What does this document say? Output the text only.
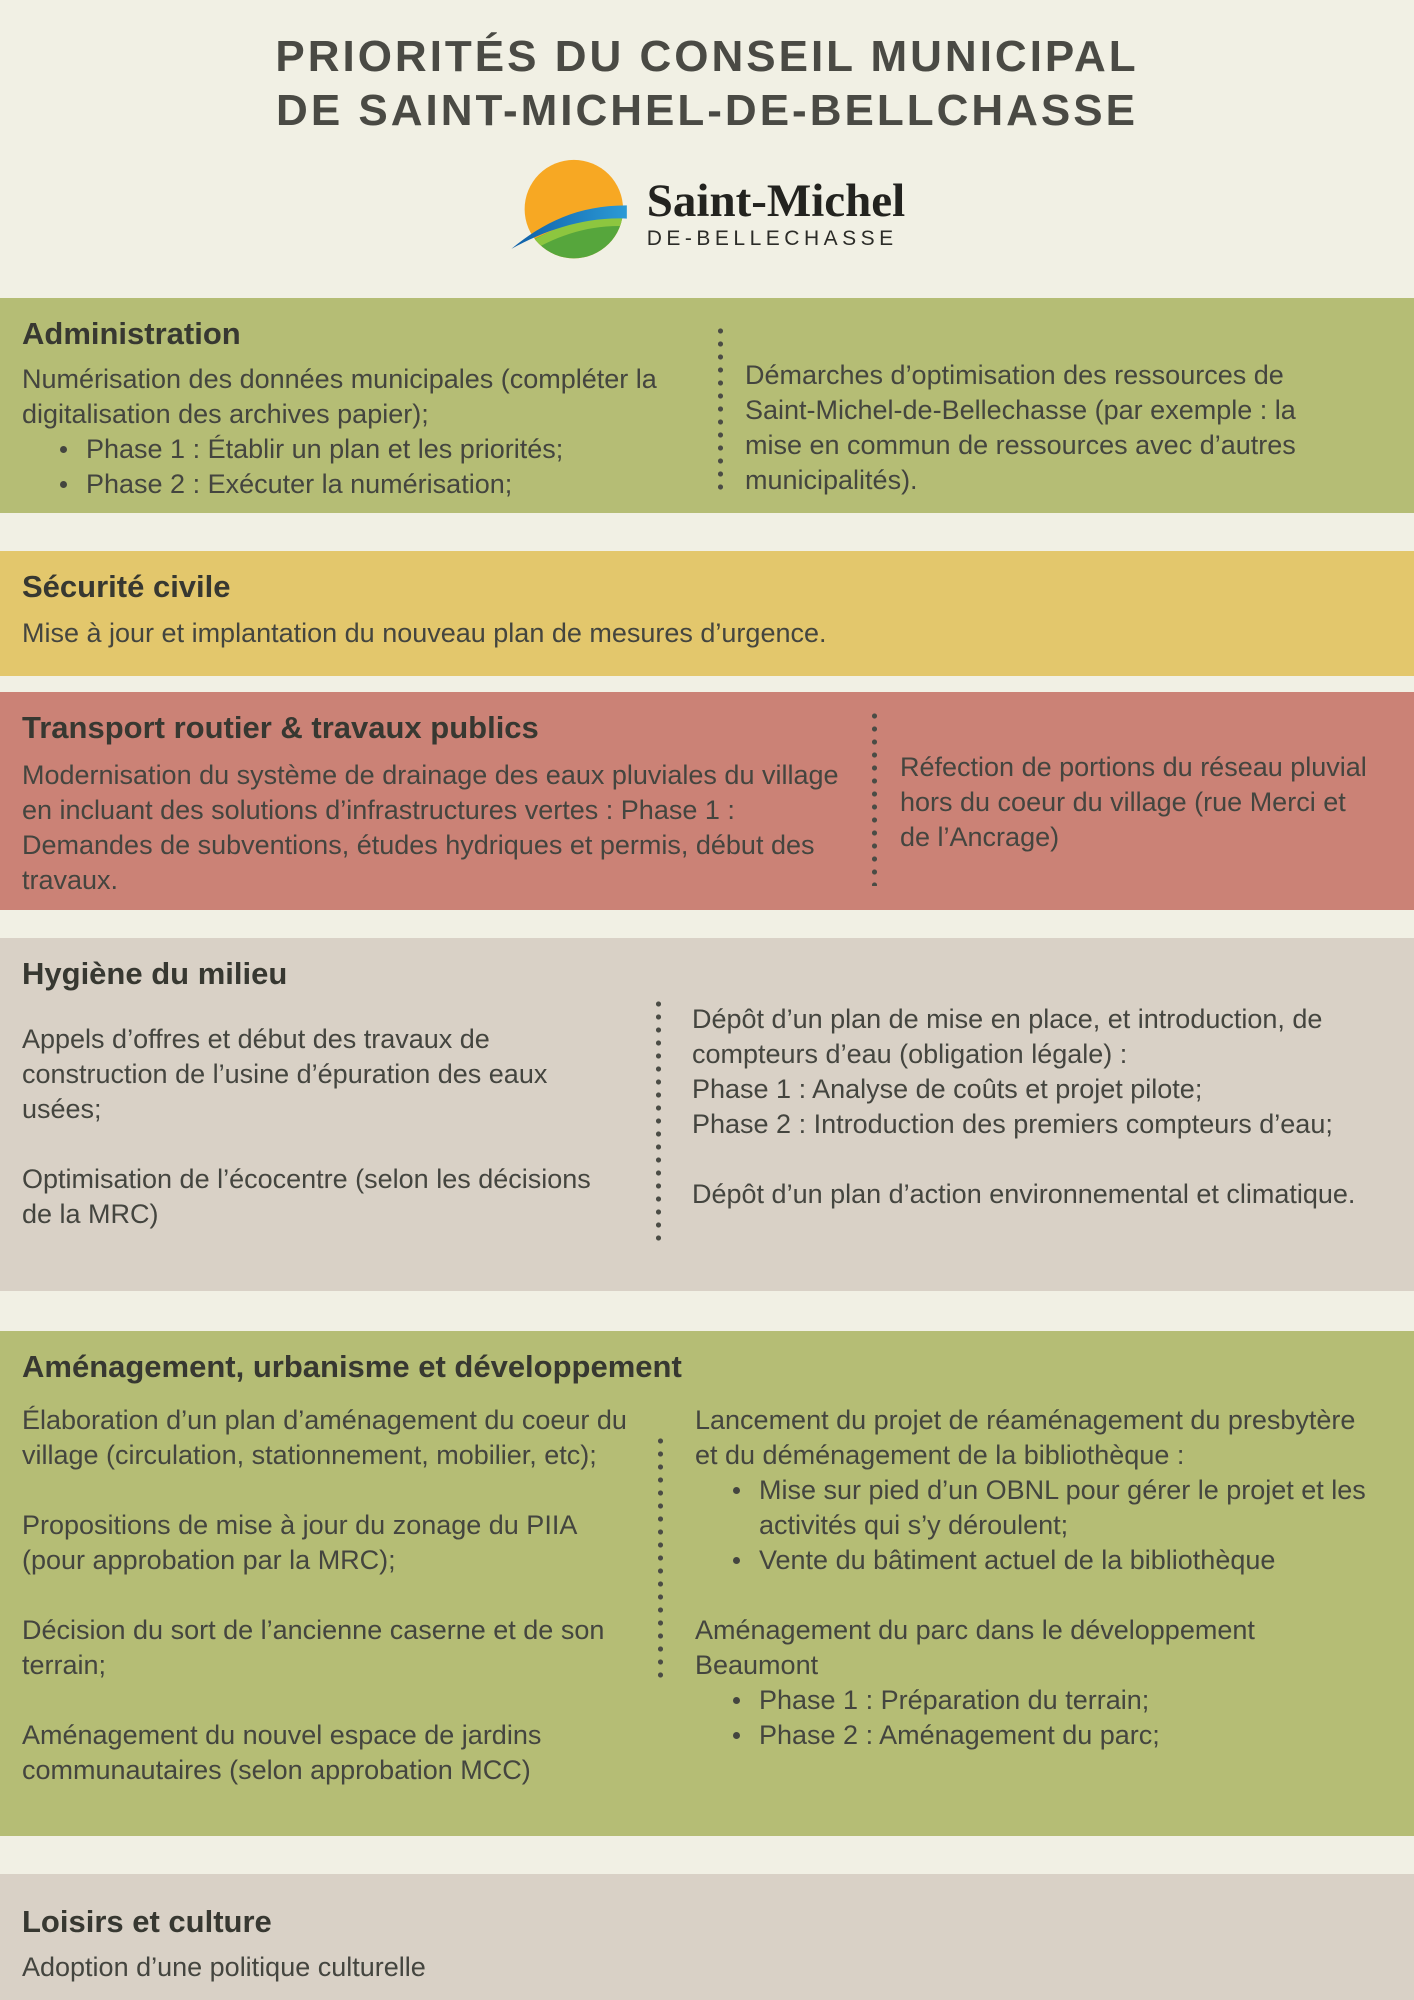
PRIORITÉS DU CONSEIL MUNICIPAL
DE SAINT-MICHEL-DE-BELLCHASSE
Saint-Michel
DE-BELLECHASSE
Administration
Numérisation des données municipales (compléter la digitalisation des archives papier);
Phase 1 : Établir un plan et les priorités;
Phase 2 : Exécuter la numérisation;
Démarches d’optimisation des ressources de Saint-Michel-de-Bellechasse (par exemple : la mise en commun de ressources avec d’autres municipalités).
Sécurité civile
Mise à jour et implantation du nouveau plan de mesures d’urgence.
Transport routier & travaux publics
Modernisation du système de drainage des eaux pluviales du village en incluant des solutions d’infrastructures vertes : Phase 1 : Demandes de subventions, études hydriques et permis, début des travaux.
Réfection de portions du réseau pluvial hors du coeur du village (rue Merci et de l’Ancrage)
Hygiène du milieu
Appels d’offres et début des travaux de construction de l’usine d’épuration des eaux usées;
Optimisation de l’écocentre (selon les décisions de la MRC)
Dépôt d’un plan de mise en place, et introduction, de compteurs d’eau (obligation légale) :
Phase 1 : Analyse de coûts et projet pilote;
Phase 2 : Introduction des premiers compteurs d’eau;
Dépôt d’un plan d’action environnemental et climatique.
Aménagement, urbanisme et développement
Élaboration d’un plan d’aménagement du coeur du village (circulation, stationnement, mobilier, etc);
Propositions de mise à jour du zonage du PIIA (pour approbation par la MRC);
Décision du sort de l’ancienne caserne et de son terrain;
Aménagement du nouvel espace de jardins communautaires (selon approbation MCC)
Lancement du projet de réaménagement du presbytère et du déménagement de la bibliothèque :
Mise sur pied d’un OBNL pour gérer le projet et les activités qui s’y déroulent;
Vente du bâtiment actuel de la bibliothèque
Aménagement du parc dans le développement Beaumont
Phase 1 : Préparation du terrain;
Phase 2 : Aménagement du parc;
Loisirs et culture
Adoption d’une politique culturelle
